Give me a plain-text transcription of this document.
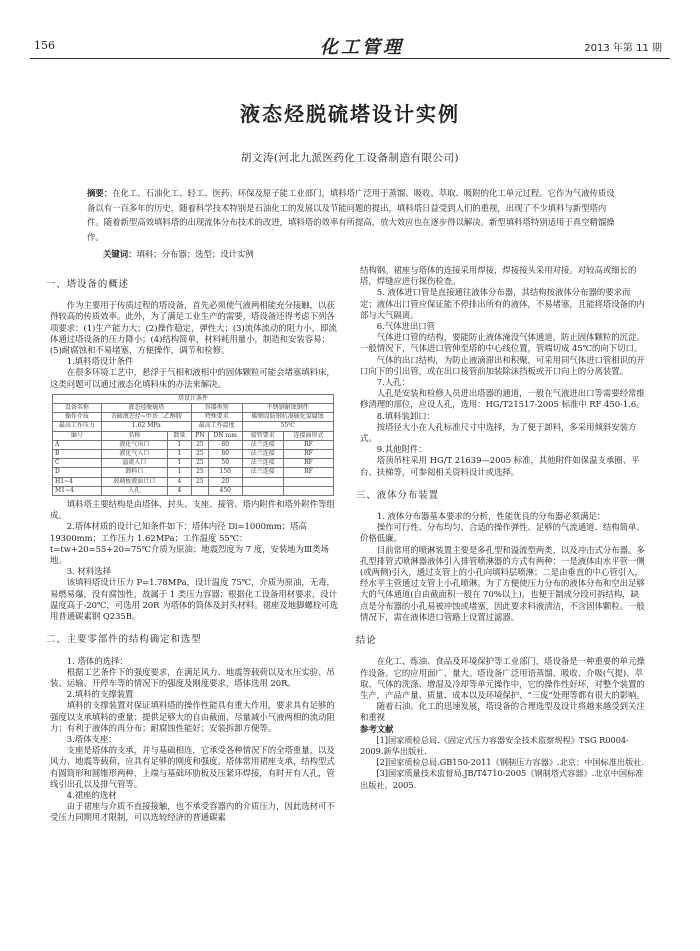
156	化工管理	2013 年第 11 期
液态烃脱硫塔设计实例
胡文涛(河北九派医药化工设备制造有限公司)
摘要：在化工、石油化工、轻工、医药、环保及原子能工业部门，填料塔广泛用于蒸馏、吸收、萃取、吸附的化工单元过程。它作为气液传质设备以有一百多年的历史，随着科学技术特别是石油化工的发展以及节能问题的提出，填料塔日益受到人们的重视，出现了不少填料与新型塔内件。随着新型高效填料塔的出现流体分布技术的改进，填料塔的效率有所提高，放大效应也在逐步得以解决。新型填料塔特别适用于真空精馏操作。
关键词：填料；分布器；选型；设计实例
一、塔设备的概述

作为主要用于传质过程的塔设备，首先必须使气液两相能充分接触，以获得较高的传质效率。此外，为了满足工业生产的需要，塔设备还得考虑下列各项要求：(1)生产能力大；(2)操作稳定，弹性大；(3)流体流动的阻力小，即流体通过塔设备的压力降小；(4)结构简单，材料耗用量小，制造和安装容易；(5)耐腐蚀和不易堵塞，方便操作，调节和检修。

1.填料塔设计条件

在很多环境工艺中，悬浮于气相和液相中的固体颗粒可能会堵塞填料床，这类问题可以通过液态化填料床的办法来解决。

塔设计条件						
设备名称	液态烃脱硫塔		容器类别		不锈钢耐蚀钢件	
操作介质	含硫液态烃~甲基二乙醇胺		特殊要求		碳钢设防钢抗湿硫化氢腐蚀	
最高工作压力	1.62 MPa		最高工作温度		55℃	
编号	名称	数量	PN	DN mm	接管要求	连接面形式
A	液化气出口	1	25	80	法兰连接	RF
B	液化气入口	1	25	80	法兰连接	RF
C	溢流入口	1	25	50	法兰连接	RF
D	卸料口	1	25	150	法兰连接	RF
H1~4	玻璃板液面计口	4	25	20		
M1~4	人孔	4		450		

填料塔主要结构是由塔体、封头、支座、接管、塔内附件和塔外附件等组成。

2.塔体材质的设计已知条件如下：塔体内径 Di=1000mm；塔高 19300mm；工作压力 1.62MPa；工作温度 55℃：t=tw+20=55+20=75℃介质为原油；地震烈度为 7 度，安装地为Ⅲ类场地。

3. 材料选择

该填料塔设计压力 P=1.78MPa，设计温度 75℃，介质为原油，无毒，易燃易爆，没有腐蚀性，故属于 1 类压力容器；根据化工设备用材要求，设计温度高于-20℃，可选用 20R 为塔体的筒体及封头材料。裙座及地脚螺栓可选用普通碳素钢 Q235B。

二、主要零部件的结构确定和选型

1. 塔体的选择：

根据工艺条件下的强度要求，在满足风力、地震等载荷以及水压实验、吊装、运输、开停车等的情况下的强度及刚度要求，塔体选用 20R。

2.填料的支撑装置

填料的支撑装置对保证填料塔的操作性能具有重大作用，要求具有足够的强度以支承填料的重量；提供足够大的自由截面，尽量减小气液两相的流动阻力；有利于液体的再分布；耐腐蚀性能好；安装拆卸方便等。

3.塔体支座：

支座是塔体的支承，并与基础相连，它承受各种情况下的全塔重量，以及风力、地震等载荷，应具有足够的刚度和强度。塔体常用裙座支承，结构型式有圆筒形和圆锥形两种，上端与基础环肋板及压紧环焊接，有时开有人孔，管线引出孔以及排气管等。

4.裙座的选材

由于裙座与介质不直接接触，也不承受容器内的介质压力，因此选材可不受压力同期用才限制，可以选较经济的普通碳素

结构钢。裙座与塔体的连接采用焊接，焊接接头采用对接。对较高或细长的塔，焊缝应进行探伤检查。

5. 液体进口管是直接通往液体分布器，其结构按液体分布器的要求而定；液体出口管应保证能不停排出所有的液体，不易堵塞，且能将塔设备的内部与大气隔离。

6.气体进出口管

气体进口管的结构，要能防止液体淹没气体通道，防止固体颗粒的沉淀。一般情况下，气体进口管伸至塔的中心线位置，管端切成 45℃的向下切口。

气体的出口结构，为防止液滴滞出和积聚，可采用同气体进口管相识的开口向下的引出管，或在出口接管前加装除沫挡板或开口向上的分离装置。

7.人孔：

人孔是安装和检修人员进出塔器的通道，一般在气液进出口等需要经常维修清理的部位，应设人孔，选用：HG/T21517-2005 标准中 RF 450-1.6。

8.填料装卸口：

按塔径大小在人孔标准尺寸中选择，为了便于卸料，多采用倾斜安装方式。

9.其他附件：

塔顶吊柱采用 HG/T 21639—2005 标准，其他附件如保温支承圈、平台、扶梯等，可参阅相关资料设计或选择。

三、液体分布装置

1. 液体分布器基本要求的分析，性能优良的分布器必须满足：

操作可行性、分布均匀、合适的操作弹性、足够的气流通道、结构简单、价格低廉。

目前常用的喷淋装置主要是多孔型和溢流型两类，以及冲击式分布器。多孔型排管式喷淋器液体引入排管喷淋器的方式有两种：一是液体由水平管一侧(或两侧)引入，通过支管上的小孔向填料层喷淋；二是由垂直的中心管引入，经水平主管通过支管上小孔喷淋。为了方便使压力分布的液体分布和空出足够大的气体通道(自由截面积一般在 70%以上)，也便于制成分段可拆结构，缺点是分布器的小孔易被冲蚀或堵塞，因此要求料液清洁，不含固体颗粒。一般情况下，需在液体进口管路上设置过滤器。

结论

在化工、炼油、食品及环境保护等工业部门，塔设备是一种重要的单元操作设备。它的应用面广、量大。塔设备广泛用语蒸馏、吸收、介吸(气提)、萃取、气体的洗涤、增湿及冷却等单元操作中，它的操作性好坏，对整个装置的生产，产品产量、质量、成本以及环境保护、“三废”处理等都有很大的影响。

随着石油、化工的迅速发展，塔设备的合理选型及设计将越来越受到关注和重视

参考文献

[1]国家质检总局.《固定式压力容器安全技术监察规程》TSG R0004-2009.新华出版社.

[2]国家质检总局.GB150-2011《钢制压力容器》.北京：中国标准出版社.

[3]国家质量技术监督局.JB/T4710-2005《钢制塔式容器》.北京中国标准出版社，2005.
